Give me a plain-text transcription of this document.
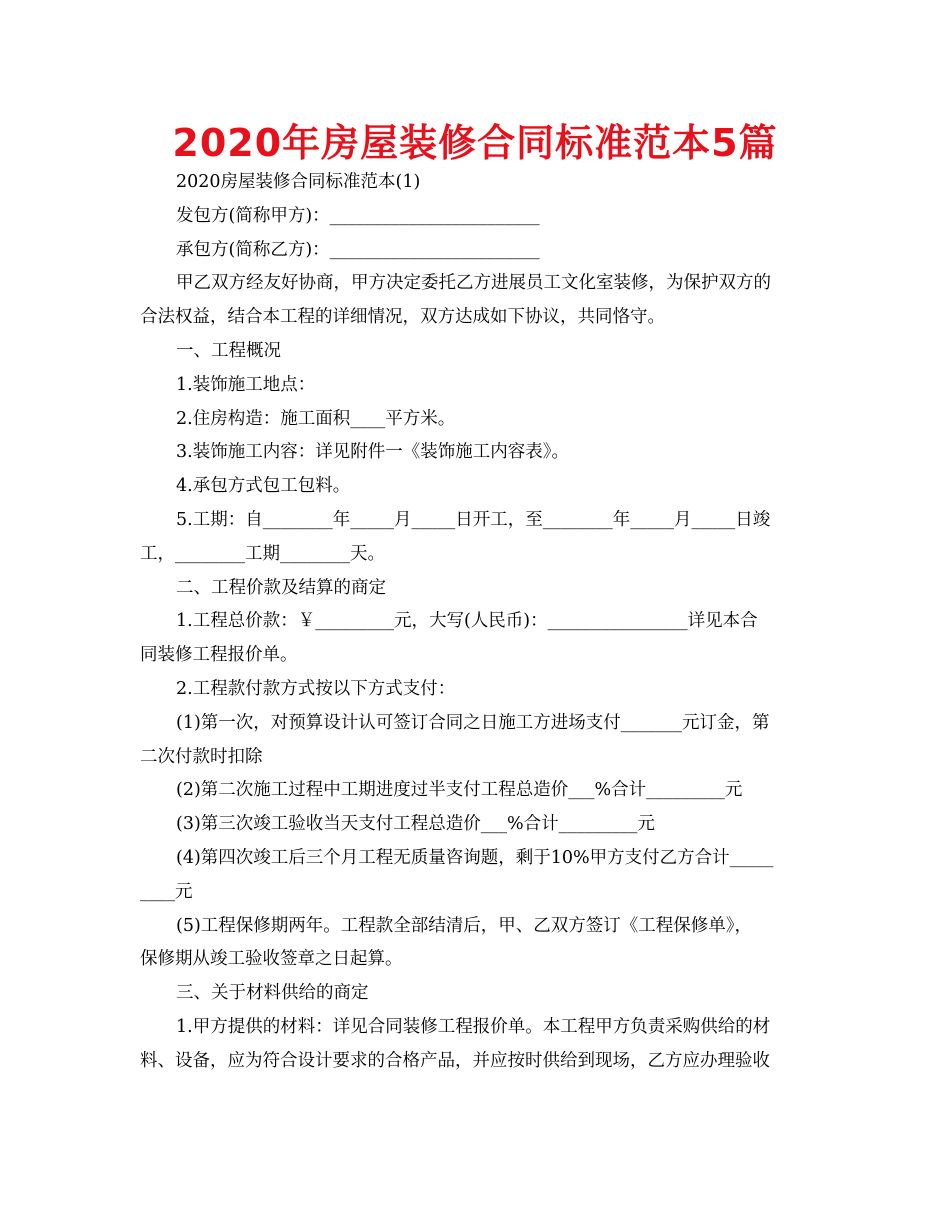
2020年房屋装修合同标准范本5篇
2020房屋装修合同标准范本(1)
发包方(简称甲方)：________________________
承包方(简称乙方)：________________________
甲乙双方经友好协商，甲方决定委托乙方进展员工文化室装修，为保护双方的
合法权益，结合本工程的详细情况，双方达成如下协议，共同恪守。
一、工程概况
1.装饰施工地点：
2.住房构造：施工面积____平方米。
3.装饰施工内容：详见附件一《装饰施工内容表》。
4.承包方式包工包料。
5.工期：自________年_____月_____日开工，至________年_____月_____日竣
工，________工期________天。
二、工程价款及结算的商定
1.工程总价款：￥_________元，大写(人民币)：________________详见本合
同装修工程报价单。
2.工程款付款方式按以下方式支付：
(1)第一次，对预算设计认可签订合同之日施工方进场支付_______元订金，第
二次付款时扣除
(2)第二次施工过程中工期进度过半支付工程总造价___%合计_________元
(3)第三次竣工验收当天支付工程总造价___%合计_________元
(4)第四次竣工后三个月工程无质量咨询题，剩于10%甲方支付乙方合计_____
____元
(5)工程保修期两年。工程款全部结清后，甲、乙双方签订《工程保修单》，
保修期从竣工验收签章之日起算。
三、关于材料供给的商定
1.甲方提供的材料：详见合同装修工程报价单。本工程甲方负责采购供给的材
料、设备，应为符合设计要求的合格产品，并应按时供给到现场，乙方应办理验收
